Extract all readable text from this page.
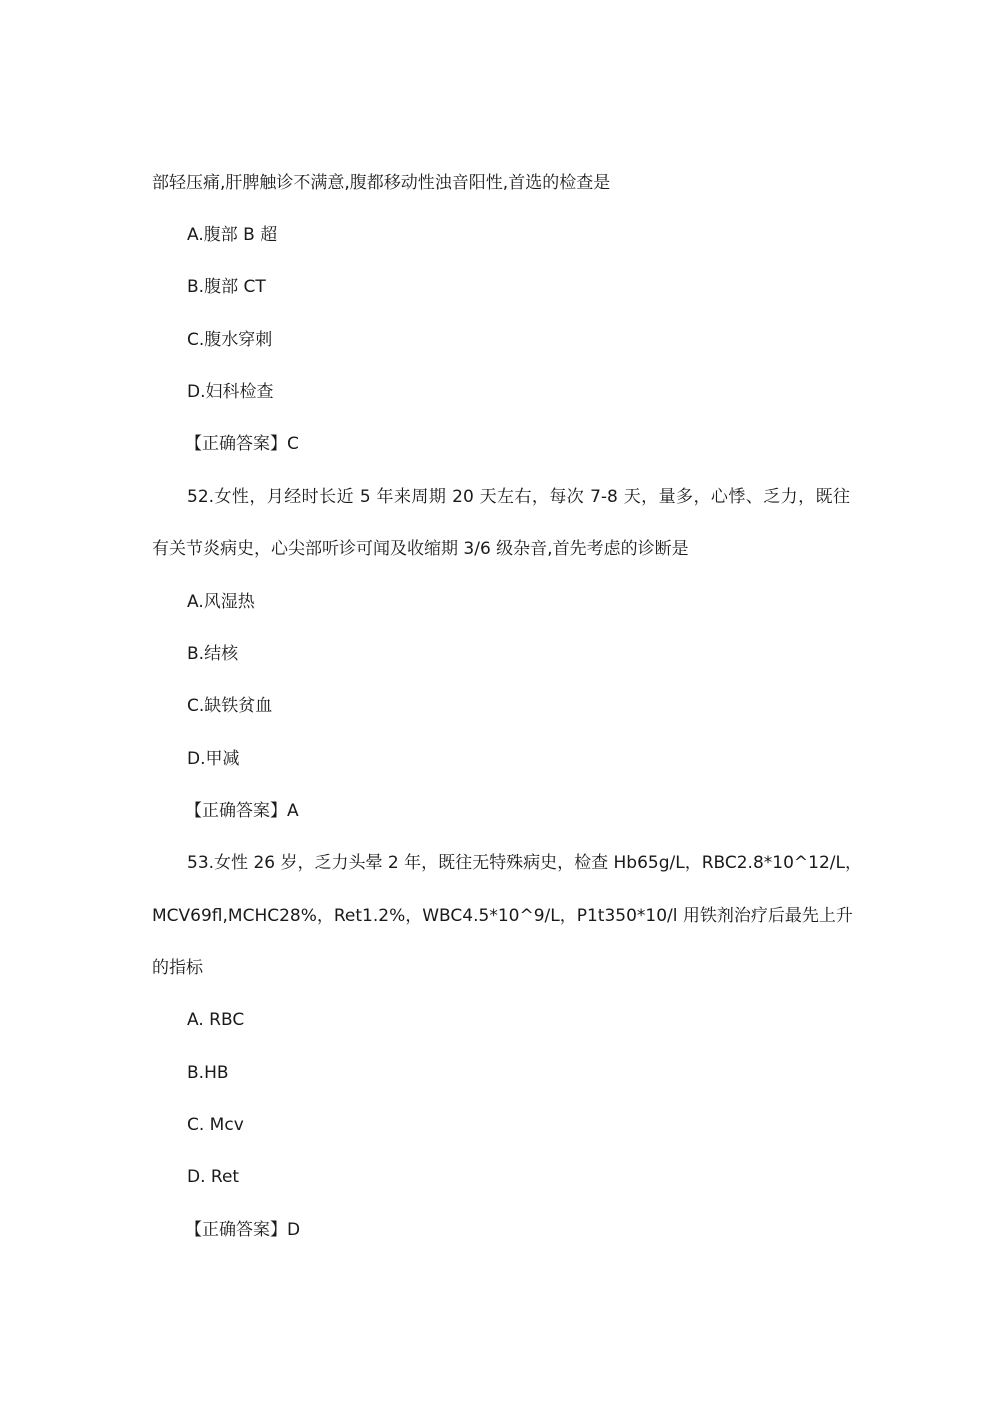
部轻压痛,肝脾触诊不满意,腹都移动性浊音阳性,首选的检查是
A.腹部 B 超
B.腹部 CT
C.腹水穿刺
D.妇科检查
【正确答案】C
52.女性，月经时长近 5 年来周期 20 天左右，每次 7-8 天，量多，心悸、乏力，既往
有关节炎病史，心尖部听诊可闻及收缩期 3/6 级杂音,首先考虑的诊断是
A.风湿热
B.结核
C.缺铁贫血
D.甲减
【正确答案】A
53.女性 26 岁，乏力头晕 2 年，既往无特殊病史，检查 Hb65g/L，RBC2.8*10^12/L，
MCV69fl,MCHC28%，Ret1.2%，WBC4.5*10^9/L，P1t350*10/l 用铁剂治疗后最先上升
的指标
A. RBC
B.HB
C. Mcv
D. Ret
【正确答案】D
